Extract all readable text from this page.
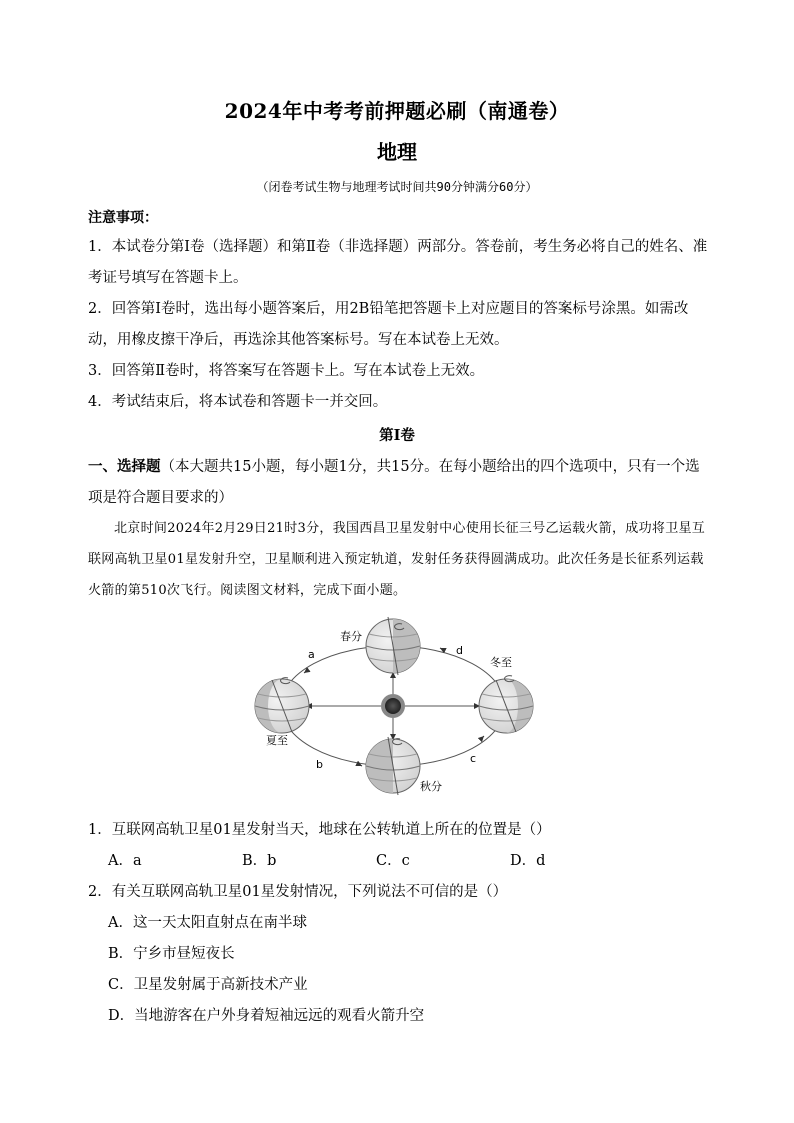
2024年中考考前押题必刷（南通卷）
地理
（闭卷考试生物与地理考试时间共90分钟满分60分）
注意事项：

1．本试卷分第Ⅰ卷（选择题）和第Ⅱ卷（非选择题）两部分。答卷前，考生务必将自己的姓名、准考证号填写在答题卡上。

2．回答第Ⅰ卷时，选出每小题答案后，用2B铅笔把答题卡上对应题目的答案标号涂黑。如需改动，用橡皮擦干净后，再选涂其他答案标号。写在本试卷上无效。

3．回答第Ⅱ卷时，将答案写在答题卡上。写在本试卷上无效。

4．考试结束后，将本试卷和答题卡一并交回。

第Ⅰ卷

一、选择题（本大题共15小题，每小题1分，共15分。在每小题给出的四个选项中，只有一个选项是符合题目要求的）

北京时间2024年2月29日21时3分，我国西昌卫星发射中心使用长征三号乙运载火箭，成功将卫星互联网高轨卫星01星发射升空，卫星顺利进入预定轨道，发射任务获得圆满成功。此次任务是长征系列运载火箭的第510次飞行。阅读图文材料，完成下面小题。

春分
夏至
秋分
冬至
a
b	c
d

1．互联网高轨卫星01星发射当天，地球在公转轨道上所在的位置是（）

A．a	B．b	C．c	D．d

2．有关互联网高轨卫星01星发射情况，下列说法不可信的是（）

A．这一天太阳直射点在南半球
B．宁乡市昼短夜长
C．卫星发射属于高新技术产业
D．当地游客在户外身着短袖远远的观看火箭升空
